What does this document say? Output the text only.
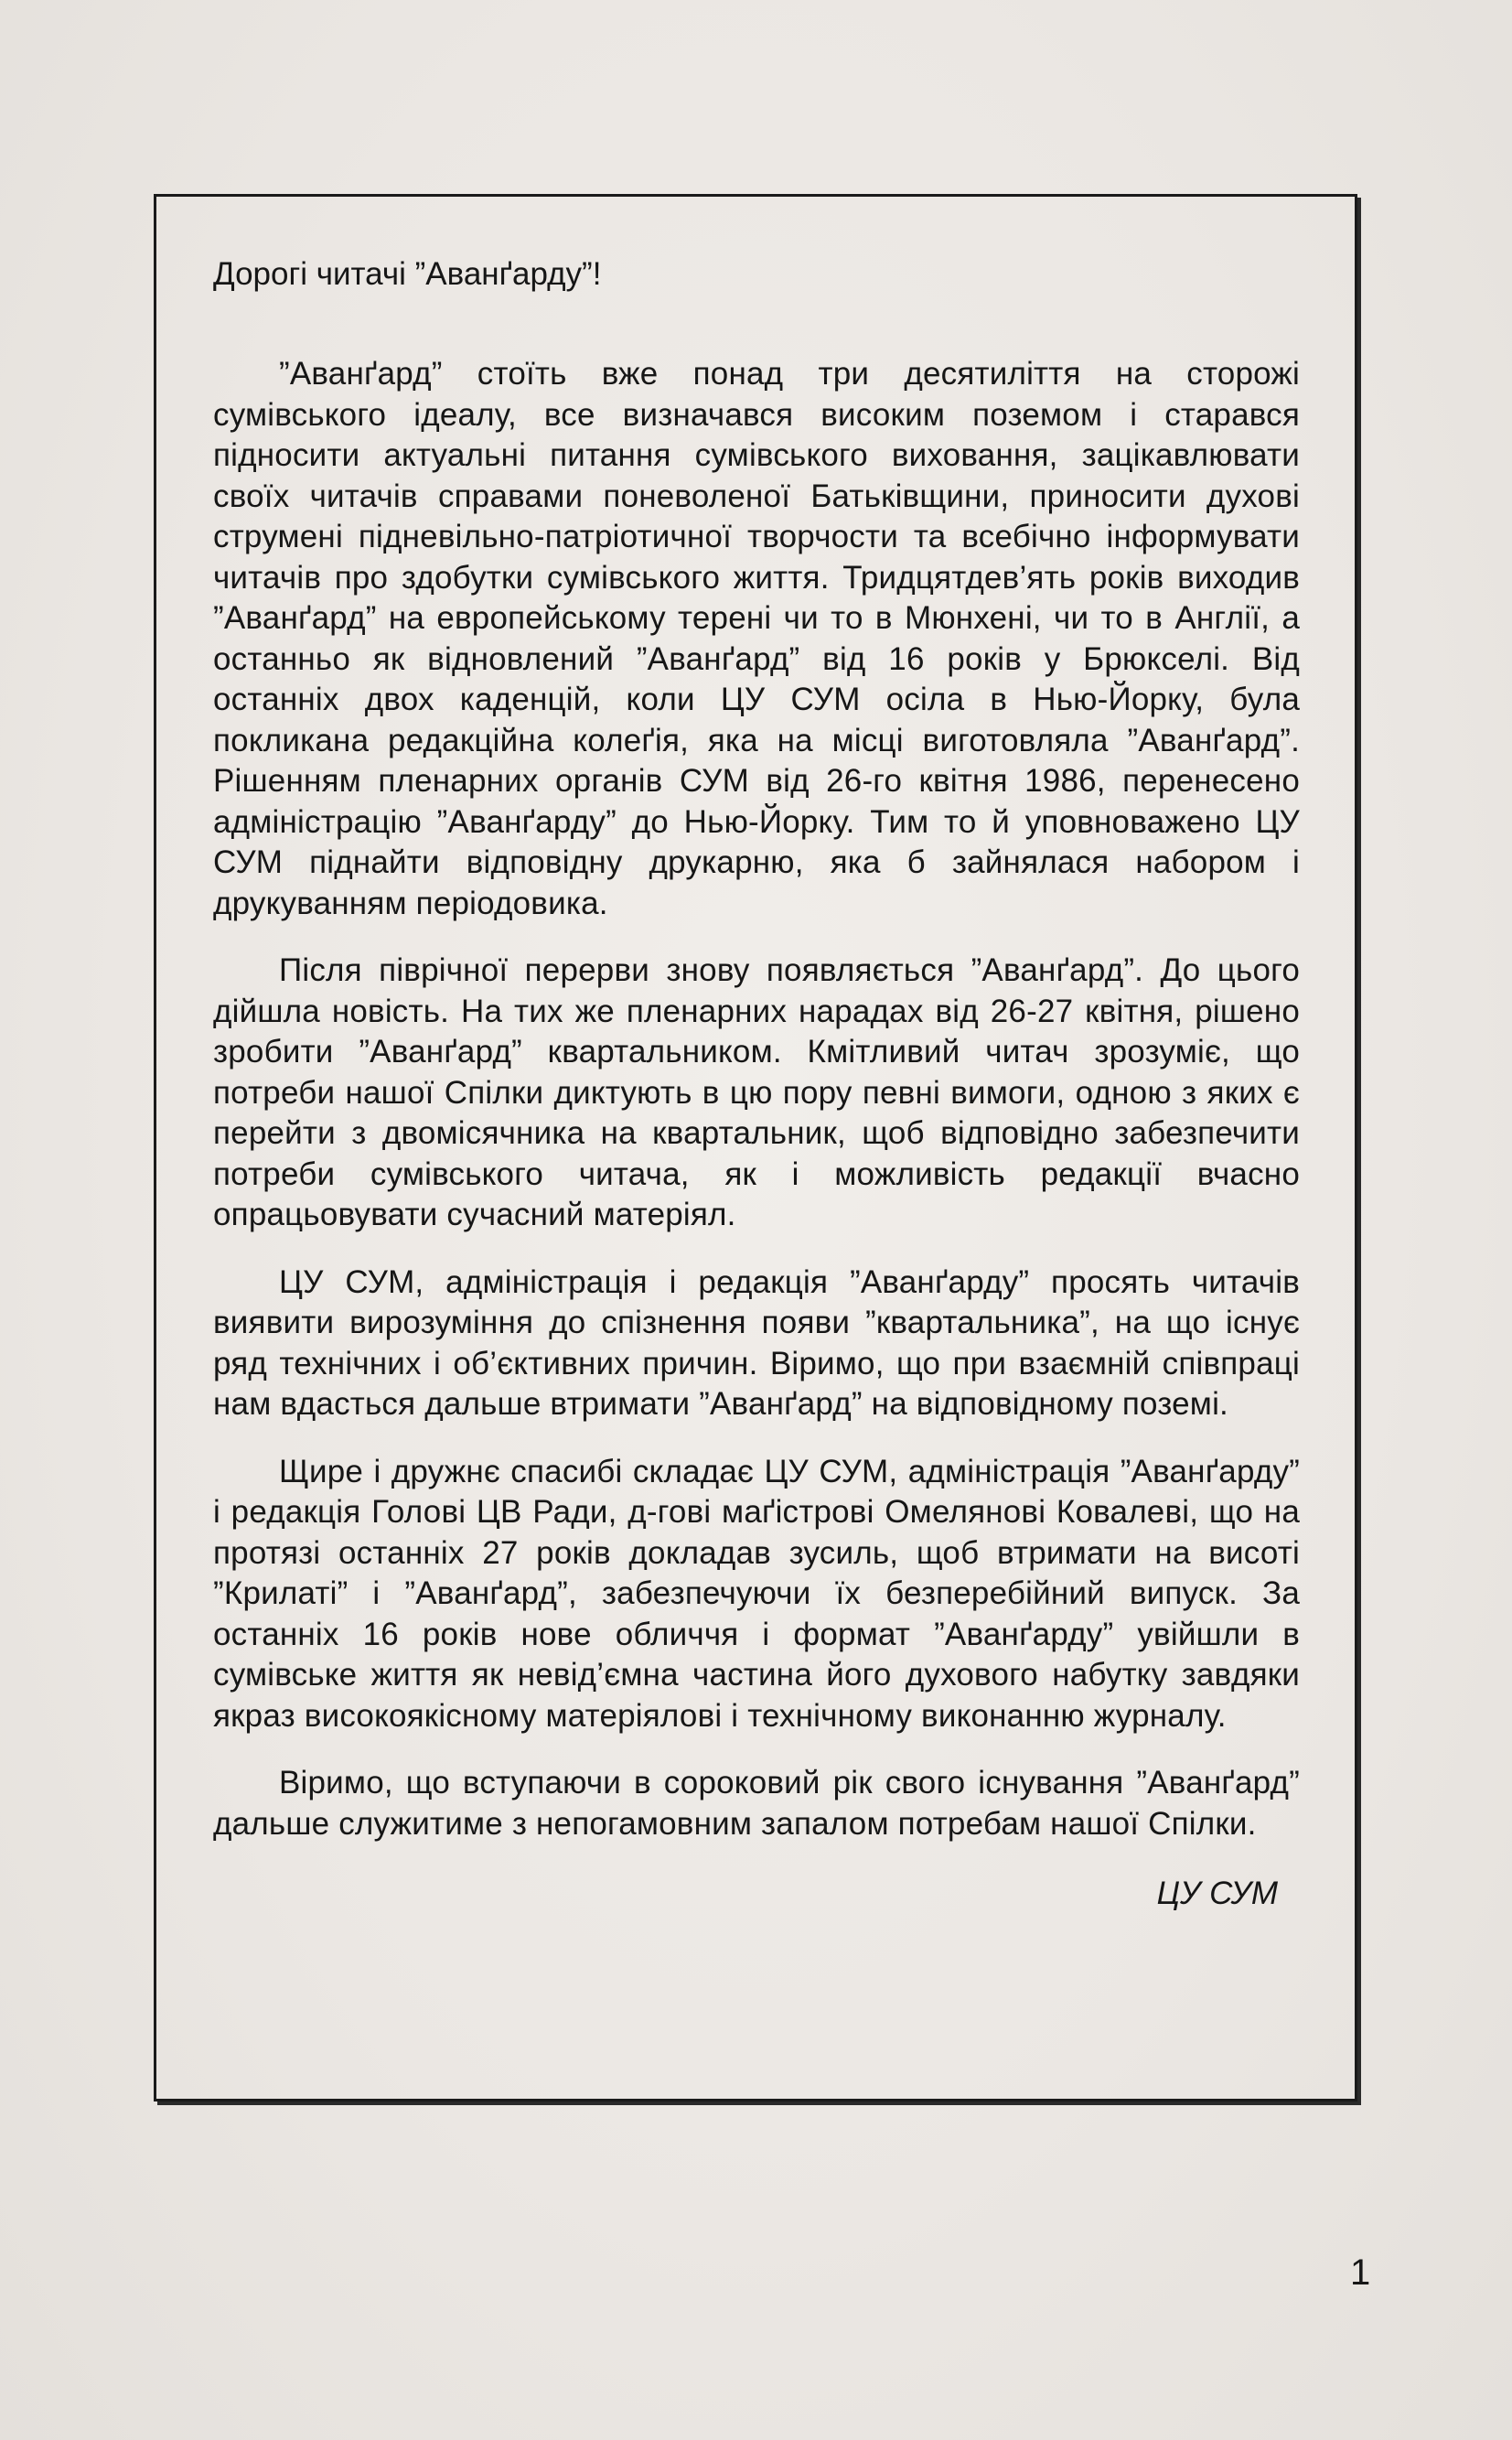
Дорогі читачі ”Аванґарду”!

”Аванґард” стоїть вже понад три десятиліття на сторожі сумівського ідеалу, все визначався високим поземом і старався підносити актуальні питання сумівського виховання, зацікавлювати своїх читачів справами поневоленої Батьківщини, приносити духові струмені підневільно-патріотичної творчости та всебічно інформувати читачів про здобутки сумівського життя. Тридцятдев’ять років виходив ”Аванґард” на европейському терені чи то в Мюнхені, чи то в Англії, а останньо як відновлений ”Аванґард” від 16 років у Брюкселі. Від останніх двох каденцій, коли ЦУ СУМ осіла в Нью-Йорку, була покликана редакційна колеґія, яка на місці виготовляла ”Аванґард”. Рішенням пленарних органів СУМ від 26-го квітня 1986, перенесено адміністрацію ”Аванґарду” до Нью-Йорку. Тим то й уповноважено ЦУ СУМ піднайти відповідну друкарню, яка б зайнялася набором і друкуванням періодовика.

Після піврічної перерви знову появляється ”Аванґард”. До цього дійшла новість. На тих же пленарних нарадах від 26-27 квітня, рішено зробити ”Аванґард” квартальником. Кмітливий читач зрозуміє, що потреби нашої Спілки диктують в цю пору певні вимоги, одною з яких є перейти з двомісячника на квартальник, щоб відповідно забезпечити потреби сумівського читача, як і можливість редакції вчасно опрацьовувати сучасний матеріял.

ЦУ СУМ, адміністрація і редакція ”Аванґарду” просять читачів виявити вирозуміння до спізнення появи ”квартальника”, на що існує ряд технічних і об’єктивних причин. Віримо, що при взаємній співпраці нам вдасться дальше втримати ”Аванґард” на відповідному поземі.

Щире і дружнє спасибі складає ЦУ СУМ, адміністрація ”Аванґарду” і редакція Голові ЦВ Ради, д-гові маґістрові Омелянові Ковалеві, що на протязі останніх 27 років докладав зусиль, щоб втримати на висоті ”Крилаті” і ”Аванґард”, забезпечуючи їх безперебійний випуск. За останніх 16 років нове обличчя і формат ”Аванґарду” увійшли в сумівське життя як невід’ємна частина його духового набутку завдяки якраз високоякісному матеріялові і технічному виконанню журналу.

Віримо, що вступаючи в сороковий рік свого існування ”Аванґард” дальше служитиме з непогамовним запалом потребам нашої Спілки.

ЦУ СУМ

1
